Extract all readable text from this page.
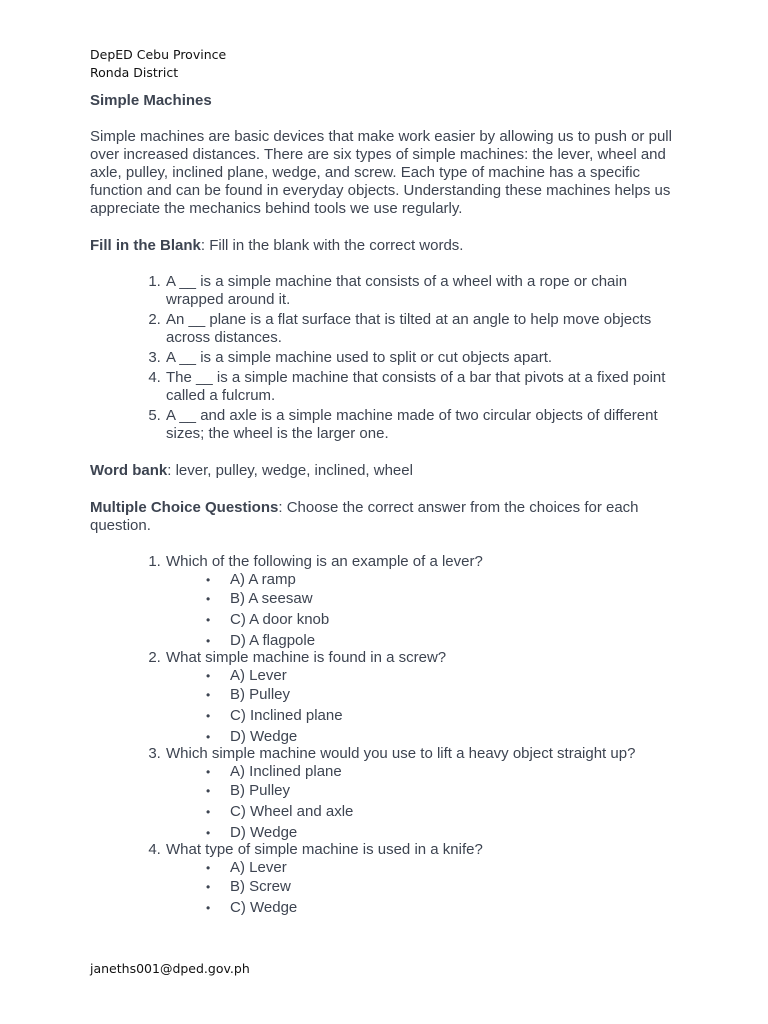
DepED Cebu Province
Ronda District
Simple Machines
Simple machines are basic devices that make work easier by allowing us to push or pull over increased distances. There are six types of simple machines: the lever, wheel and axle, pulley, inclined plane, wedge, and screw. Each type of machine has a specific function and can be found in everyday objects. Understanding these machines helps us appreciate the mechanics behind tools we use regularly.
Fill in the Blank: Fill in the blank with the correct words.
1. A __ is a simple machine that consists of a wheel with a rope or chain wrapped around it.
2. An __ plane is a flat surface that is tilted at an angle to help move objects across distances.
3. A __ is a simple machine used to split or cut objects apart.
4. The __ is a simple machine that consists of a bar that pivots at a fixed point called a fulcrum.
5. A __ and axle is a simple machine made of two circular objects of different sizes; the wheel is the larger one.
Word bank: lever, pulley, wedge, inclined, wheel
Multiple Choice Questions: Choose the correct answer from the choices for each question.
1. Which of the following is an example of a lever?
• A) A ramp
• B) A seesaw
• C) A door knob
• D) A flagpole
2. What simple machine is found in a screw?
• A) Lever
• B) Pulley
• C) Inclined plane
• D) Wedge
3. Which simple machine would you use to lift a heavy object straight up?
• A) Inclined plane
• B) Pulley
• C) Wheel and axle
• D) Wedge
4. What type of simple machine is used in a knife?
• A) Lever
• B) Screw
• C) Wedge
janeths001@dped.gov.ph
